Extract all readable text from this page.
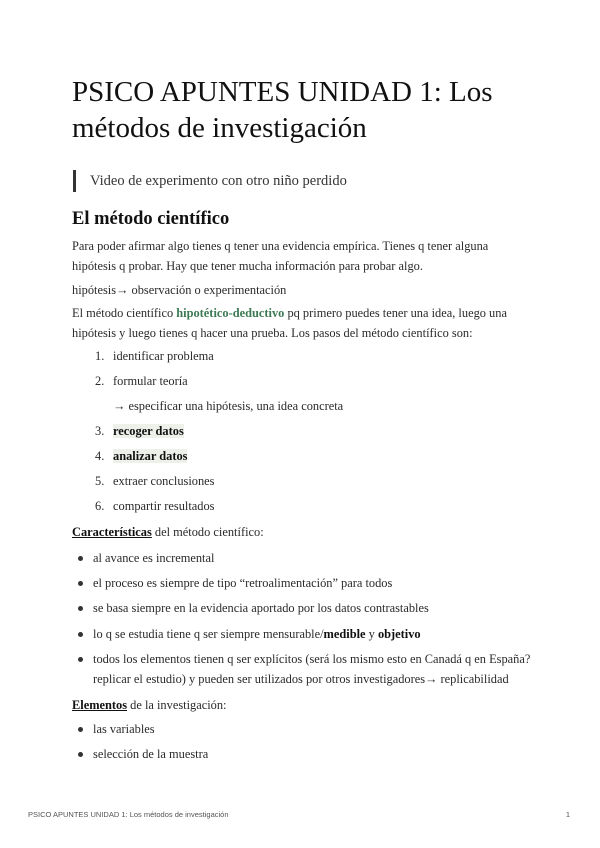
PSICO APUNTES UNIDAD 1: Los métodos de investigación
Video de experimento con otro niño perdido
El método científico

Para poder afirmar algo tienes q tener una evidencia empírica. Tienes q tener alguna hipótesis q probar. Hay que tener mucha información para probar algo.

hipótesis→ observación o experimentación

El método científico hipotético-deductivo pq primero puedes tener una idea, luego una hipótesis y luego tienes q hacer una prueba. Los pasos del método científico son:

1. identificar problema
2. formular teoría
→ especificar una hipótesis, una idea concreta
3. recoger datos
4. analizar datos
5. extraer conclusiones
6. compartir resultados

Características del método científico:

al avance es incremental
el proceso es siempre de tipo “retroalimentación” para todos
se basa siempre en la evidencia aportado por los datos contrastables
lo q se estudia tiene q ser siempre mensurable/medible y objetivo
todos los elementos tienen q ser explícitos (será los mismo esto en Canadá q en España? replicar el estudio) y pueden ser utilizados por otros investigadores→ replicabilidad

Elementos de la investigación:

las variables
selección de la muestra
PSICO APUNTES UNIDAD 1: Los métodos de investigación	1
